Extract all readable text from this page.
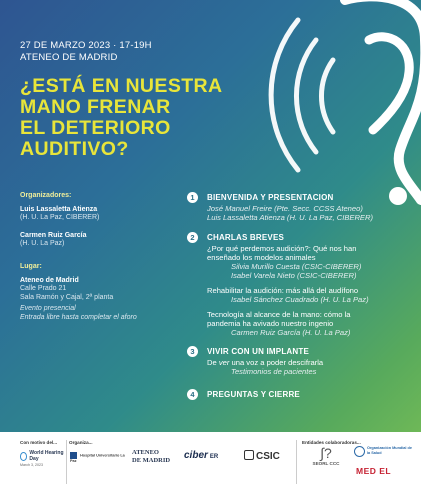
27 DE MARZO 2023 · 17-19H
ATENEO DE MADRID
¿ESTÁ EN NUESTRA
MANO FRENAR
EL DETERIORO
AUDITIVO?
Organizadores:
Luis Lassaletta Atienza
(H. U. La Paz, CIBERER)
Carmen Ruiz García
(H. U. La Paz)
Lugar:
Ateneo de Madrid
Calle Prado 21
Sala Ramón y Cajal, 2ª planta
Evento presencial
Entrada libre hasta completar el aforo
1	BIENVENIDA Y PRESENTACION
José Manuel Freire (Pte. Secc. CCSS Ateneo)
Luis Lassaletta Atienza (H. U. La Paz, CIBERER)
2	CHARLAS BREVES
¿Por qué perdemos audición?: Qué nos han
enseñado los modelos animales
Silvia Murillo Cuesta (CSIC-CIBERER)
Isabel Varela Nieto (CSIC-CIBERER)
Rehabilitar la audición: más allá del audífono
Isabel Sánchez Cuadrado (H. U. La Paz)
Tecnología al alcance de la mano: cómo la
pandemia ha avivado nuestro ingenio
Carmen Ruiz García (H. U. La Paz)
3	VIVIR CON UN IMPLANTE
De ver una voz a poder descifrarla
Testimonios de pacientes
4	PREGUNTAS Y CIERRE
Con motivo del...	Organiza...	Entidades colaboradoras...
World Hearing Day
March 3, 2023
Hospital Universitario La Paz
ATENEO
DE MADRID ciber ER	CSIC	∫?
SEORL CCC
Organización Mundial de la Salud
MED EL
